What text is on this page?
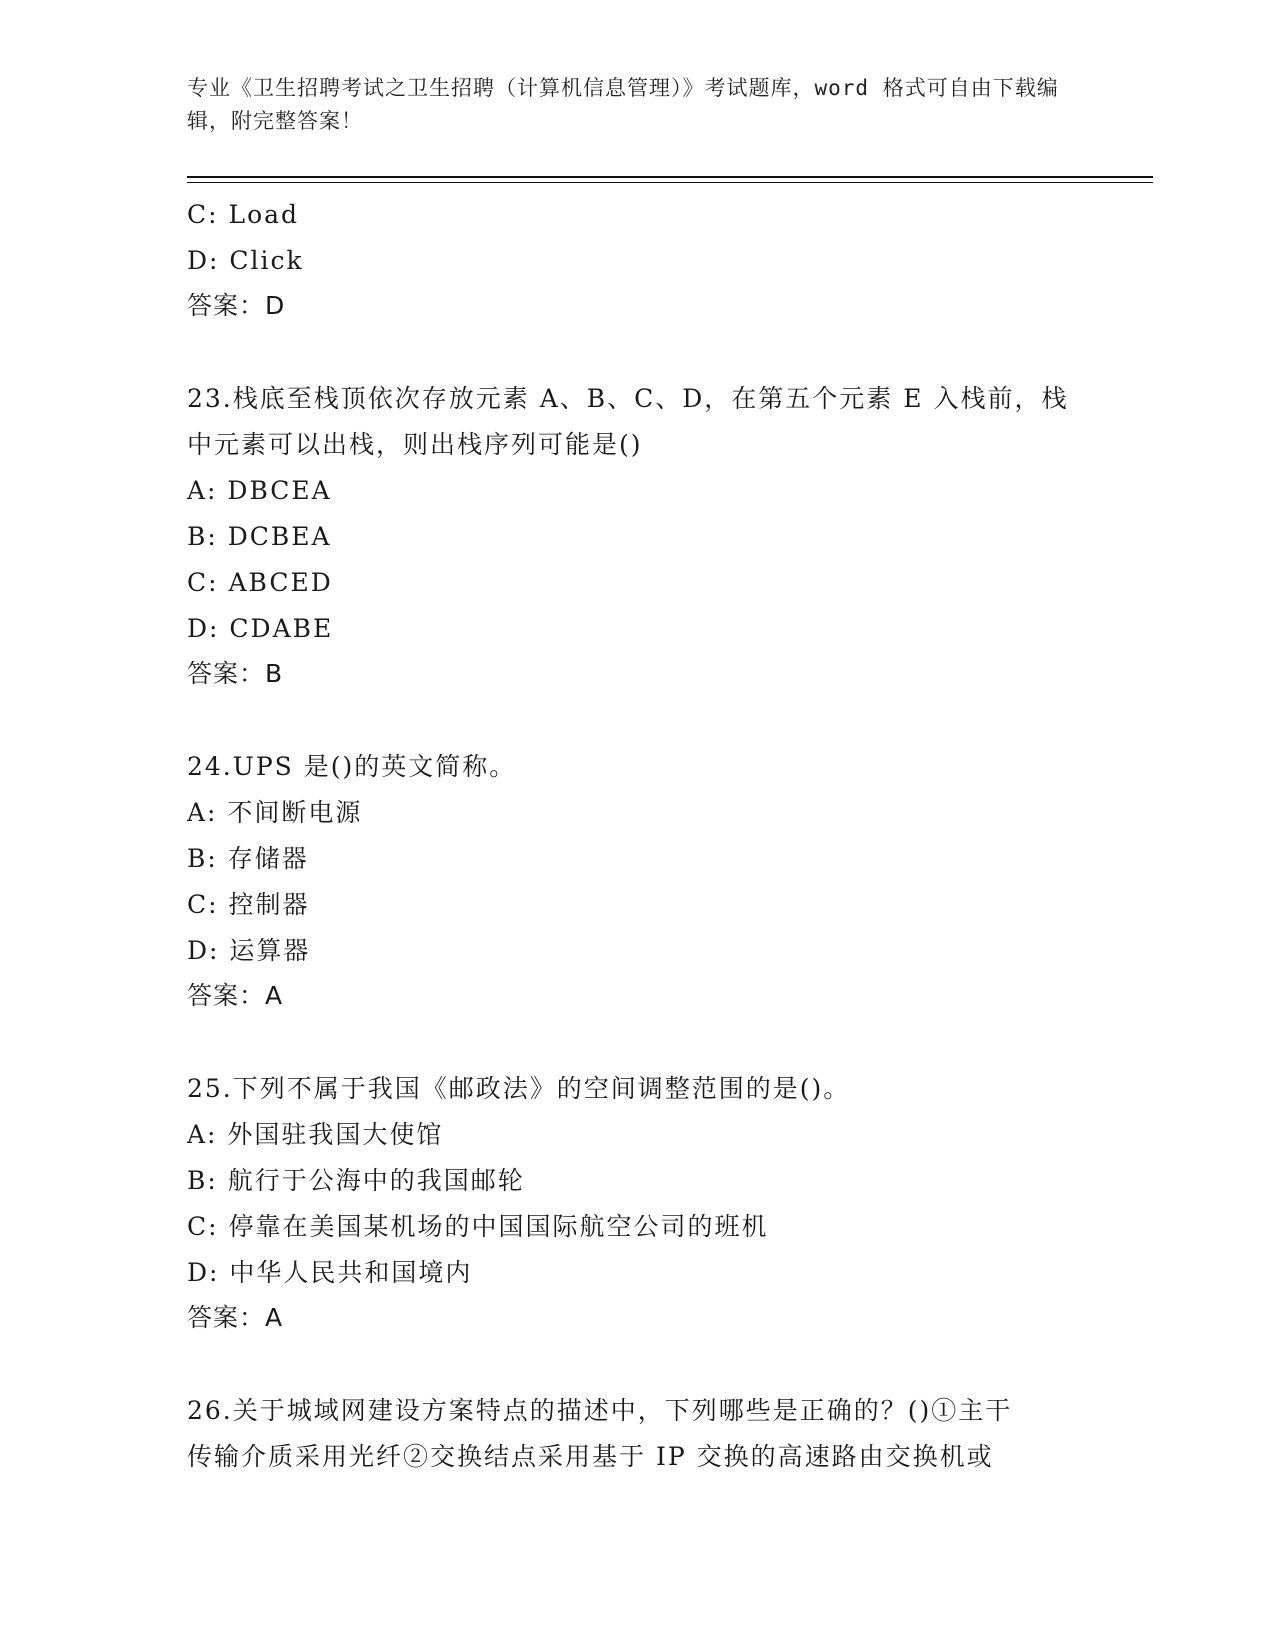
专业《卫生招聘考试之卫生招聘（计算机信息管理）》考试题库，word 格式可自由下载编辑，附完整答案！
C: Load
D: Click
答案：D
23.栈底至栈顶依次存放元素 A、B、C、D，在第五个元素 E 入栈前，栈
中元素可以出栈，则出栈序列可能是()
A: DBCEA
B: DCBEA
C: ABCED
D: CDABE
答案：B
24.UPS 是()的英文简称。
A: 不间断电源
B: 存储器
C: 控制器
D: 运算器
答案：A
25.下列不属于我国《邮政法》的空间调整范围的是()。
A: 外国驻我国大使馆
B: 航行于公海中的我国邮轮
C: 停靠在美国某机场的中国国际航空公司的班机
D: 中华人民共和国境内
答案：A
26.关于城域网建设方案特点的描述中，下列哪些是正确的？()①主干
传输介质采用光纤②交换结点采用基于 IP 交换的高速路由交换机或
